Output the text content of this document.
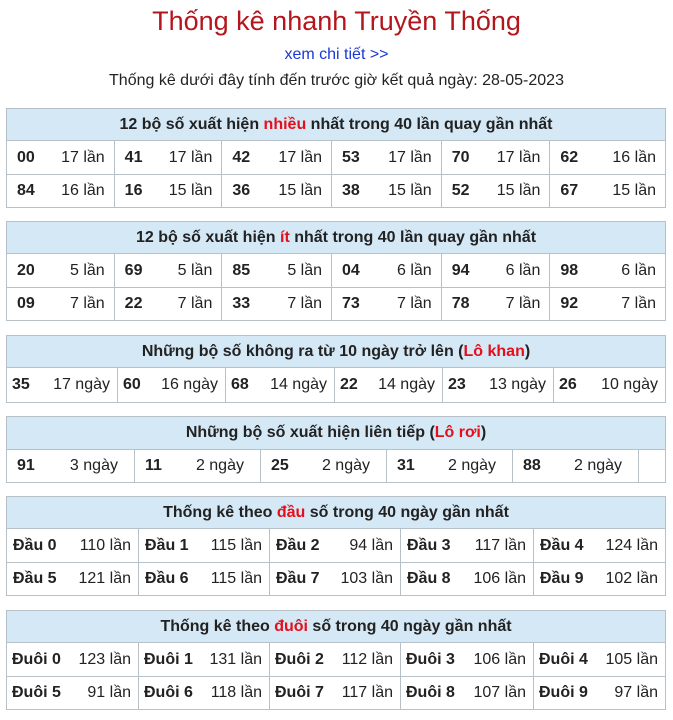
Thống kê nhanh Truyền Thống
xem chi tiết >>
Thống kê dưới đây tính đến trước giờ kết quả ngày: 28-05-2023
12 bộ số xuất hiện nhiều nhất trong 40 lần quay gần nhất
00 17 lần 41 17 lần 42 17 lần 53 17 lần 70 17 lần 62 16 lần
84 16 lần 16 15 lần 36 15 lần 38 15 lần 52 15 lần 67 15 lần
12 bộ số xuất hiện ít nhất trong 40 lần quay gần nhất
20 5 lần 69 5 lần 85 5 lần 04 6 lần 94 6 lần 98	6 lần
09 7 lần 22 7 lần 33 7 lần 73 7 lần 78 7 lần 92	7 lần
Những bộ số không ra từ 10 ngày trở lên (Lô khan)
35 17 ngày 60 16 ngày 68 14 ngày 22 14 ngày 23 13 ngày 26 10 ngày
Những bộ số xuất hiện liên tiếp (Lô rơi)
91 3 ngày 11 2 ngày 25 2 ngày 31 2 ngày 88 2 ngày
Thống kê theo đầu số trong 40 ngày gần nhất
Đầu 0 110 lần Đầu 1 115 lần Đầu 2 94 lần Đầu 3 117 lần Đầu 4 124 lần
Đầu 5 121 lần Đầu 6 115 lần Đầu 7 103 lần Đầu 8 106 lần Đầu 9 102 lần
Thống kê theo đuôi số trong 40 ngày gần nhất
Đuôi 0 123 lần Đuôi 1 131 lần Đuôi 2 112 lần Đuôi 3 106 lần Đuôi 4 105 lần
Đuôi 5 91 lần Đuôi 6 118 lần Đuôi 7 117 lần Đuôi 8 107 lần Đuôi 9 97 lần
